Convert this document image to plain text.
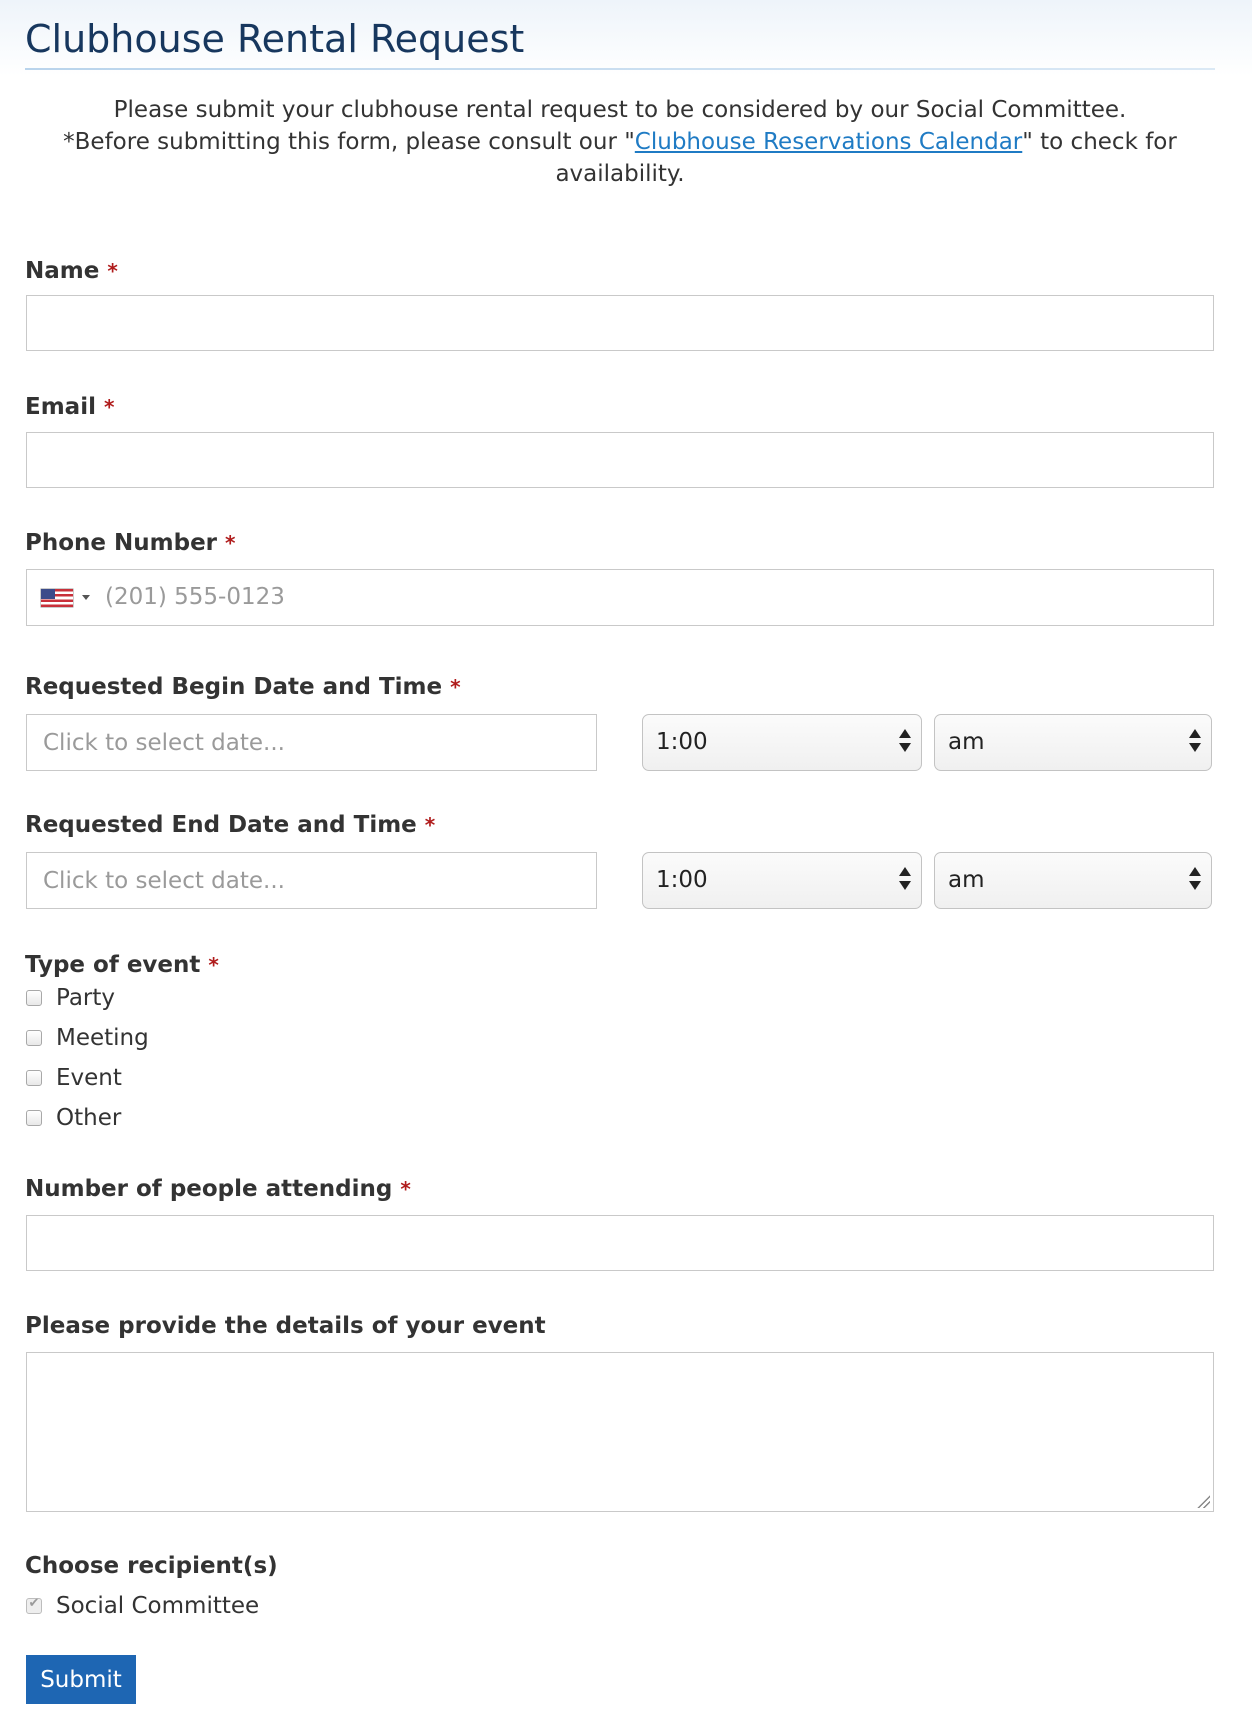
Clubhouse Rental Request

Please submit your clubhouse rental request to be considered by our Social Committee.

*Before submitting this form, please consult our "Clubhouse Reservations Calendar" to check for availability.

Name *
Email *
Phone Number *
(201) 555-0123
Requested Begin Date and Time *
Click to select date...
1:00	am
Requested End Date and Time *
Click to select date...
1:00	am
Type of event *
Party
Meeting
Event
Other
Number of people attending *
Please provide the details of your event
Choose recipient(s)
✔ Social Committee
Submit
